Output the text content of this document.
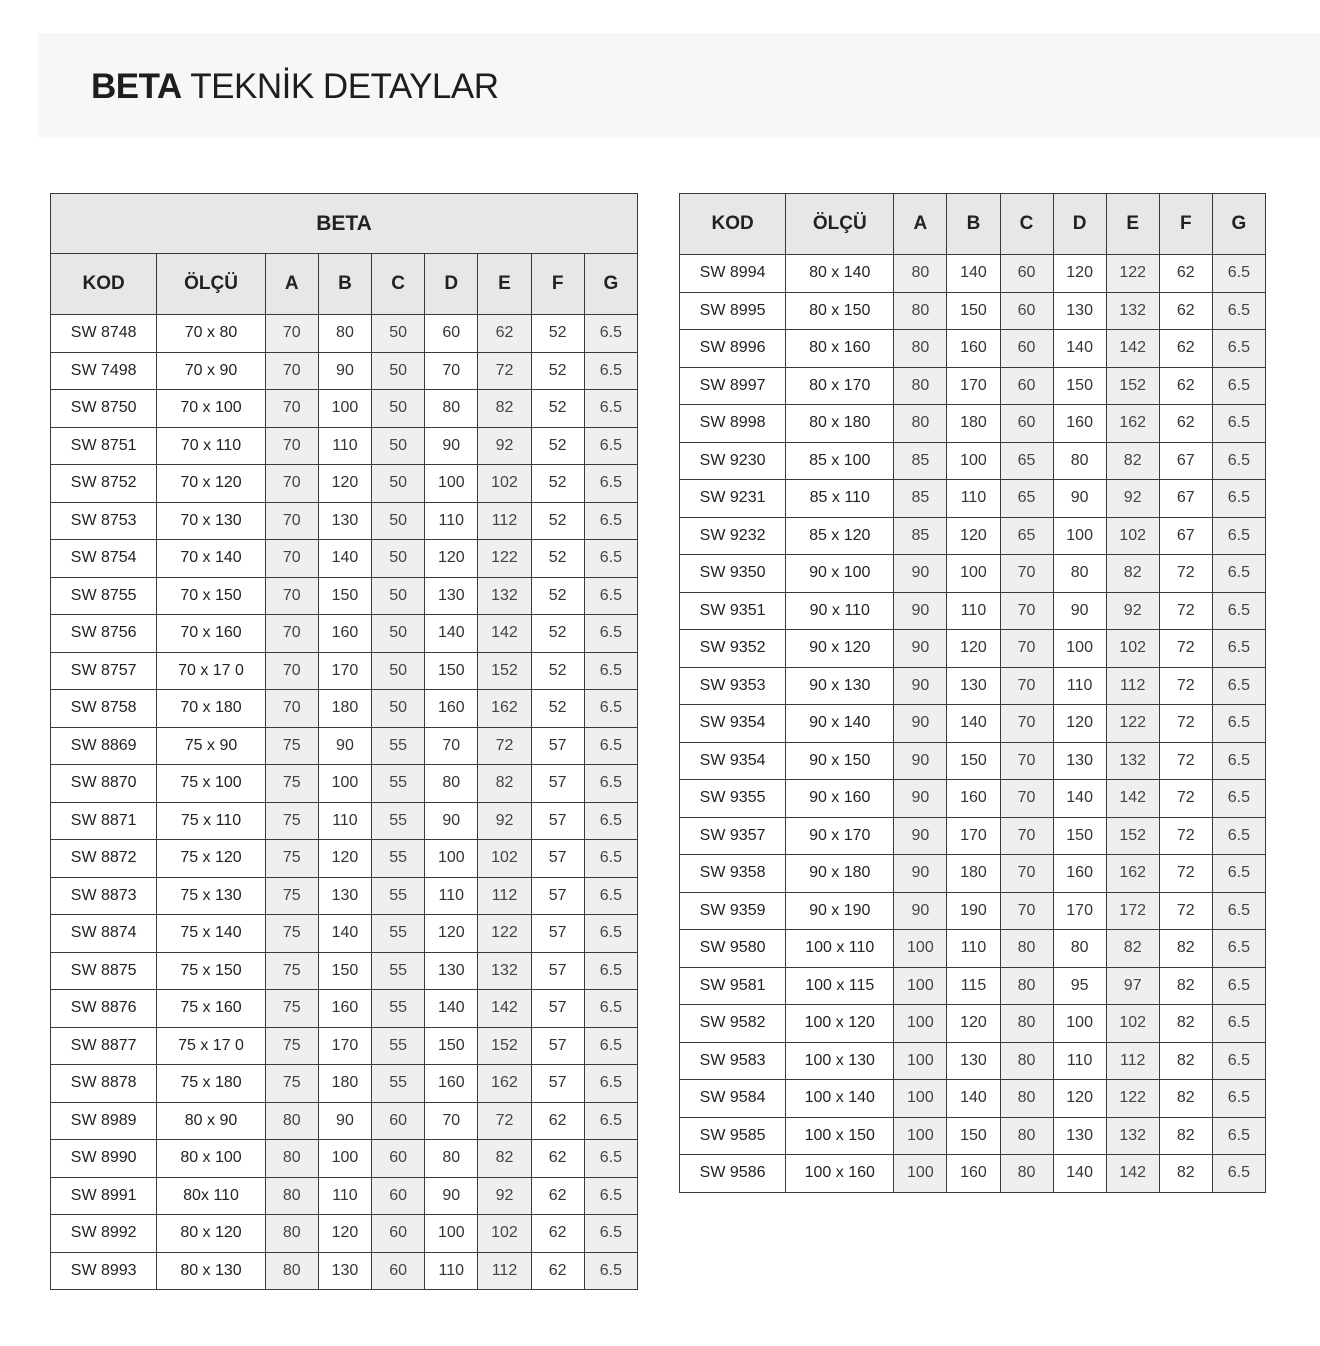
BETA TEKNİK DETAYLAR
BETA								
KOD	ÖLÇÜ	A	B	C	D	E	F	G
SW 8748	70 x 80	70	80	50	60	62	52	6.5
SW 7498	70 x 90	70	90	50	70	72	52	6.5
SW 8750	70 x 100	70	100	50	80	82	52	6.5
SW 8751	70 x 110	70	110	50	90	92	52	6.5
SW 8752	70 x 120	70	120	50	100	102	52	6.5
SW 8753	70 x 130	70	130	50	110	112	52	6.5
SW 8754	70 x 140	70	140	50	120	122	52	6.5
SW 8755	70 x 150	70	150	50	130	132	52	6.5
SW 8756	70 x 160	70	160	50	140	142	52	6.5
SW 8757	70 x 17 0	70	170	50	150	152	52	6.5
SW 8758	70 x 180	70	180	50	160	162	52	6.5
SW 8869	75 x 90	75	90	55	70	72	57	6.5
SW 8870	75 x 100	75	100	55	80	82	57	6.5
SW 8871	75 x 110	75	110	55	90	92	57	6.5
SW 8872	75 x 120	75	120	55	100	102	57	6.5
SW 8873	75 x 130	75	130	55	110	112	57	6.5
SW 8874	75 x 140	75	140	55	120	122	57	6.5
SW 8875	75 x 150	75	150	55	130	132	57	6.5
SW 8876	75 x 160	75	160	55	140	142	57	6.5
SW 8877	75 x 17 0	75	170	55	150	152	57	6.5
SW 8878	75 x 180	75	180	55	160	162	57	6.5
SW 8989	80 x 90	80	90	60	70	72	62	6.5
SW 8990	80 x 100	80	100	60	80	82	62	6.5
SW 8991	80x 110	80	110	60	90	92	62	6.5
SW 8992	80 x 120	80	120	60	100	102	62	6.5
SW 8993	80 x 130	80	130	60	110	112	62	6.5
KOD	ÖLÇÜ	A	B	C	D	E	F	G
SW 8994	80 x 140	80	140	60	120	122	62	6.5
SW 8995	80 x 150	80	150	60	130	132	62	6.5
SW 8996	80 x 160	80	160	60	140	142	62	6.5
SW 8997	80 x 170	80	170	60	150	152	62	6.5
SW 8998	80 x 180	80	180	60	160	162	62	6.5
SW 9230	85 x 100	85	100	65	80	82	67	6.5
SW 9231	85 x 110	85	110	65	90	92	67	6.5
SW 9232	85 x 120	85	120	65	100	102	67	6.5
SW 9350	90 x 100	90	100	70	80	82	72	6.5
SW 9351	90 x 110	90	110	70	90	92	72	6.5
SW 9352	90 x 120	90	120	70	100	102	72	6.5
SW 9353	90 x 130	90	130	70	110	112	72	6.5
SW 9354	90 x 140	90	140	70	120	122	72	6.5
SW 9354	90 x 150	90	150	70	130	132	72	6.5
SW 9355	90 x 160	90	160	70	140	142	72	6.5
SW 9357	90 x 170	90	170	70	150	152	72	6.5
SW 9358	90 x 180	90	180	70	160	162	72	6.5
SW 9359	90 x 190	90	190	70	170	172	72	6.5
SW 9580	100 x 110	100	110	80	80	82	82	6.5
SW 9581	100 x 115	100	115	80	95	97	82	6.5
SW 9582	100 x 120	100	120	80	100	102	82	6.5
SW 9583	100 x 130	100	130	80	110	112	82	6.5
SW 9584	100 x 140	100	140	80	120	122	82	6.5
SW 9585	100 x 150	100	150	80	130	132	82	6.5
SW 9586	100 x 160	100	160	80	140	142	82	6.5
